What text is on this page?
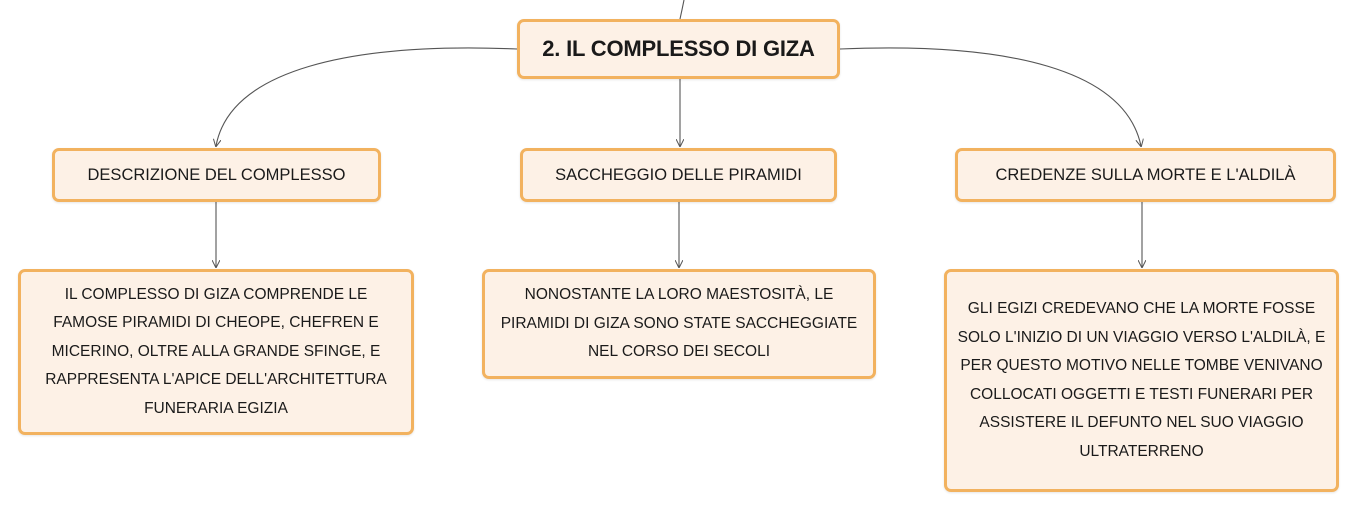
2. IL COMPLESSO DI GIZA
DESCRIZIONE DEL COMPLESSO	SACCHEGGIO DELLE PIRAMIDI	CREDENZE SULLA MORTE E L'ALDILÀ
IL COMPLESSO DI GIZA COMPRENDE LE FAMOSE PIRAMIDI DI CHEOPE, CHEFREN E MICERINO, OLTRE ALLA GRANDE SFINGE, E RAPPRESENTA L'APICE DELL'ARCHITETTURA FUNERARIA EGIZIA
NONOSTANTE LA LORO MAESTOSITÀ, LE PIRAMIDI DI GIZA SONO STATE SACCHEGGIATE NEL CORSO DEI SECOLI
GLI EGIZI CREDEVANO CHE LA MORTE FOSSE SOLO L'INIZIO DI UN VIAGGIO VERSO L'ALDILÀ, E PER QUESTO MOTIVO NELLE TOMBE VENIVANO COLLOCATI OGGETTI E TESTI FUNERARI PER ASSISTERE IL DEFUNTO NEL SUO VIAGGIO ULTRATERRENO
